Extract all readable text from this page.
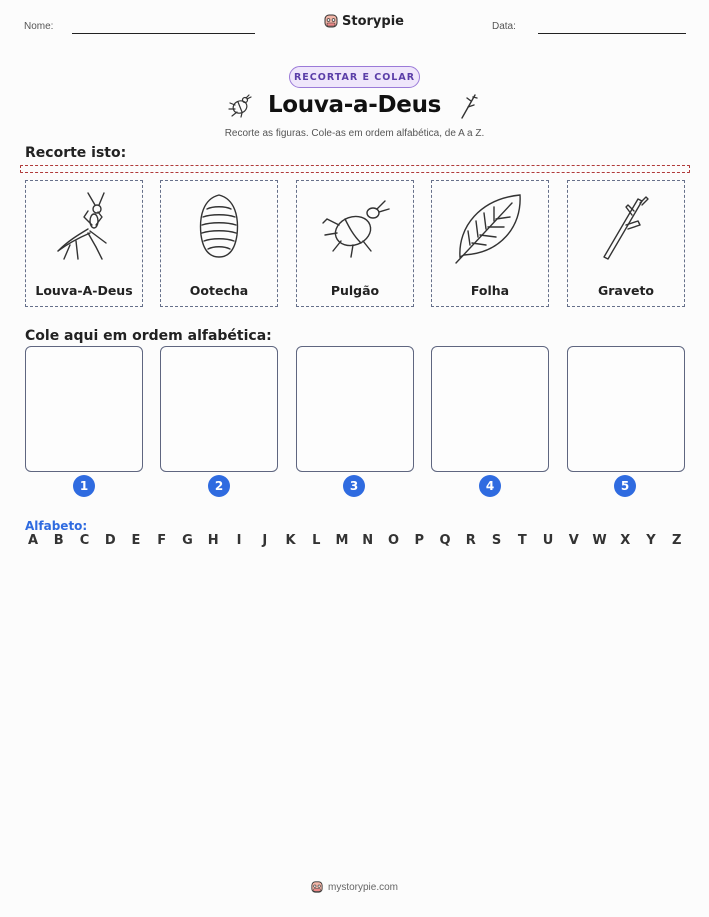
Nome:	Storypie	Data:
RECORTAR E COLAR
Louva-a-Deus
Recorte as figuras. Cole-as em ordem alfabética, de A a Z.
Recorte isto:
Louva-A-Deus	Ootecha	Pulgão	Folha	Graveto
Cole aqui em ordem alfabética:
1	2	3	4	5
Alfabeto:
A B C D E F G H	I	J	K L M N O P Q R S T U V W X Y Z
mystorypie.com
